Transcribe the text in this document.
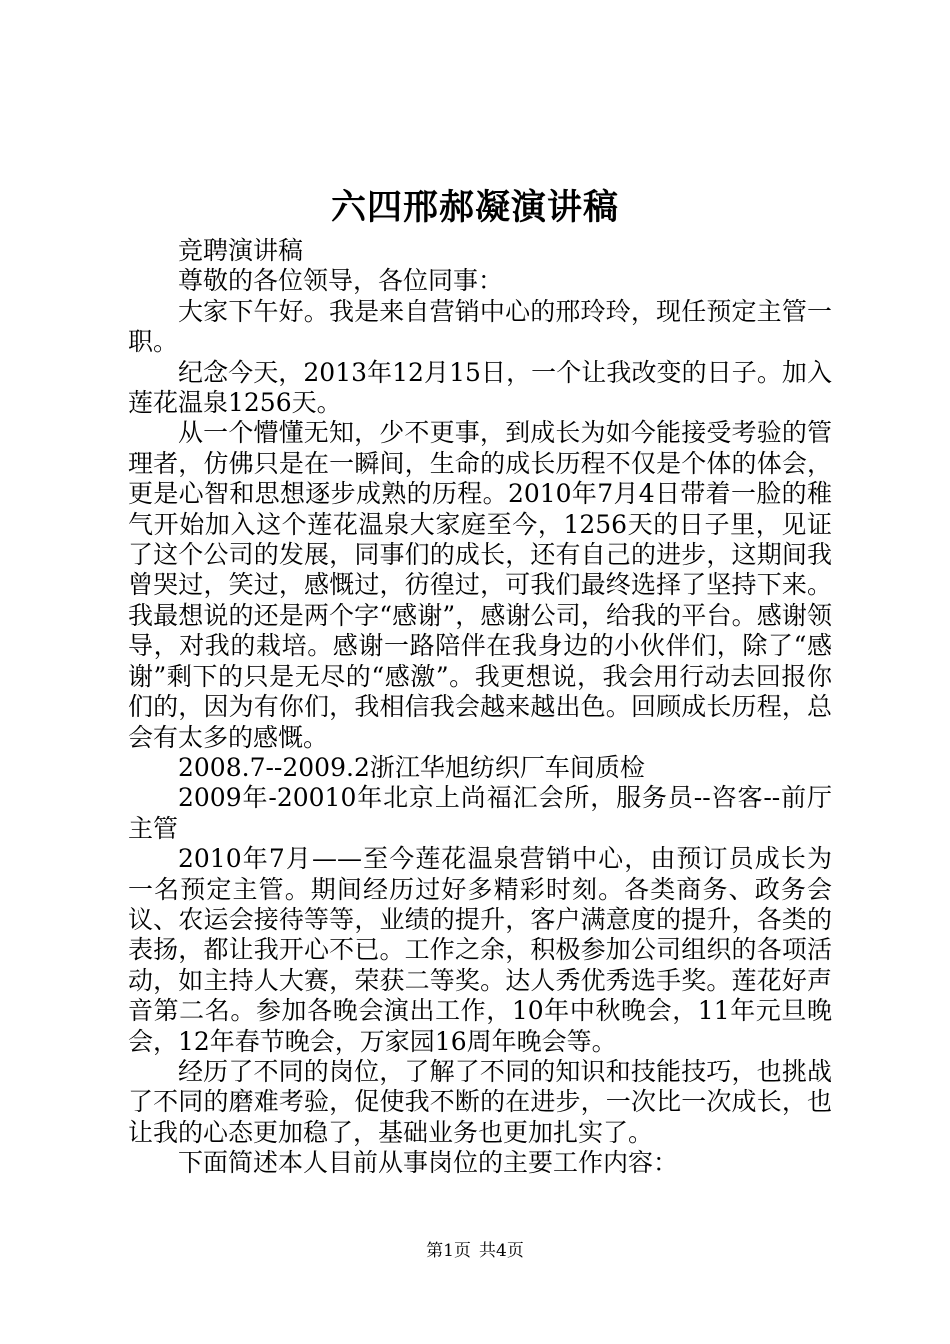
六四邢郝凝演讲稿

竞聘演讲稿

尊敬的各位领导，各位同事：

大家下午好。我是来自营销中心的邢玲玲，现任预定主管一职。

纪念今天，2013年12月15日，一个让我改变的日子。加入莲花温泉1256天。

从一个懵懂无知，少不更事，到成长为如今能接受考验的管理者，仿佛只是在一瞬间，生命的成长历程不仅是个体的体会，更是心智和思想逐步成熟的历程。2010年7月4日带着一脸的稚气开始加入这个莲花温泉大家庭至今，1256天的日子里，见证了这个公司的发展，同事们的成长，还有自己的进步，这期间我曾哭过，笑过，感慨过，彷徨过，可我们最终选择了坚持下来。我最想说的还是两个字“感谢”，感谢公司，给我的平台。感谢领导，对我的栽培。感谢一路陪伴在我身边的小伙伴们，除了“感谢”剩下的只是无尽的“感激”。我更想说，我会用行动去回报你们的，因为有你们，我相信我会越来越出色。回顾成长历程，总会有太多的感慨。

2008.7--2009.2浙江华旭纺织厂车间质检

2009年-20010年北京上尚福汇会所，服务员--咨客--前厅主管

2010年7月——至今莲花温泉营销中心，由预订员成长为一名预定主管。期间经历过好多精彩时刻。各类商务、政务会议、农运会接待等等，业绩的提升，客户满意度的提升，各类的表扬，都让我开心不已。工作之余，积极参加公司组织的各项活动，如主持人大赛，荣获二等奖。达人秀优秀选手奖。莲花好声音第二名。参加各晚会演出工作，10年中秋晚会，11年元旦晚会，12年春节晚会，万家园16周年晚会等。

经历了不同的岗位，了解了不同的知识和技能技巧，也挑战了不同的磨难考验，促使我不断的在进步，一次比一次成长，也让我的心态更加稳了，基础业务也更加扎实了。

下面简述本人目前从事岗位的主要工作内容：

第1页 共4页
